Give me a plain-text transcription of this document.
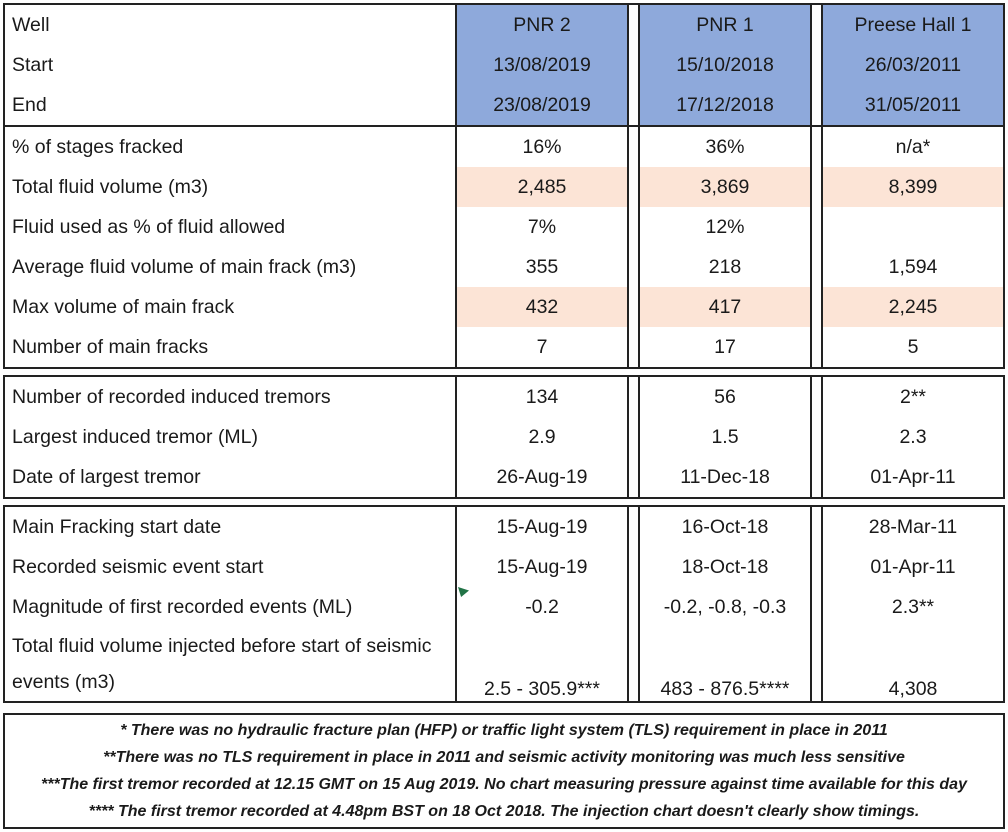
Well
Start
End
PNR 2
13/08/2019
23/08/2019
PNR 1
15/10/2018
17/12/2018
Preese Hall 1
26/03/2011
31/05/2011
% of stages fracked
Total fluid volume (m3)
Fluid used as % of fluid allowed
Average fluid volume of main frack (m3)
Max volume of main frack
Number of main fracks
16%
2,485
7%
355
432
7
36%
3,869
12%
218
417
17
n/a*
8,399
1,594
2,245
5
Number of recorded induced tremors
Largest induced tremor (ML)
Date of largest tremor
134
2.9
26-Aug-19
56
1.5
11-Dec-18
2**
2.3
01-Apr-11
Main Fracking start date
Recorded seismic event start
Magnitude of first recorded events (ML)
Total fluid volume injected before start of seismic events (m3)
15-Aug-19
15-Aug-19
-0.2
2.5 - 305.9***
16-Oct-18
18-Oct-18
-0.2, -0.8, -0.3
483 - 876.5****
28-Mar-11
01-Apr-11
2.3**
4,308
* There was no hydraulic fracture plan (HFP) or traffic light system (TLS) requirement in place in 2011
**There was no TLS requirement in place in 2011 and seismic activity monitoring was much less sensitive
***The first tremor recorded at 12.15 GMT on 15 Aug 2019. No chart measuring pressure against time available for this day
**** The first tremor recorded at 4.48pm BST on 18 Oct 2018. The injection chart doesn't clearly show timings.
